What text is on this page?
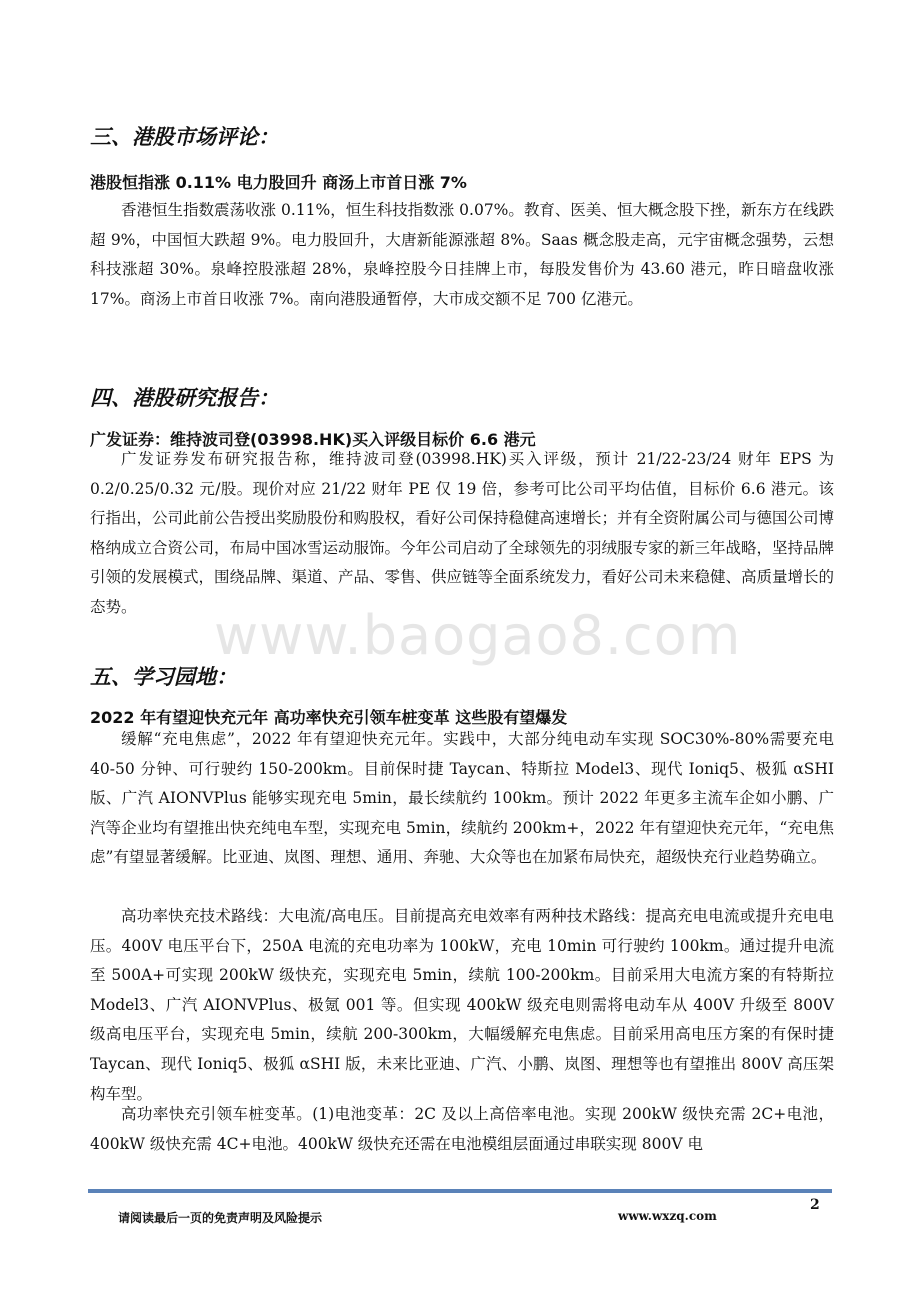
www.baogao8.com
三、港股市场评论：
港股恒指涨 0.11% 电力股回升 商汤上市首日涨 7%

香港恒生指数震荡收涨 0.11%，恒生科技指数涨 0.07%。教育、医美、恒大概念股下挫，新东方在线跌超 9%，中国恒大跌超 9%。电力股回升，大唐新能源涨超 8%。Saas 概念股走高，元宇宙概念强势，云想科技涨超 30%。泉峰控股涨超 28%，泉峰控股今日挂牌上市，每股发售价为 43.60 港元，昨日暗盘收涨 17%。商汤上市首日收涨 7%。南向港股通暂停，大市成交额不足 700 亿港元。

四、港股研究报告：
广发证券：维持波司登(03998.HK)买入评级目标价 6.6 港元

广发证券发布研究报告称，维持波司登(03998.HK)买入评级，预计 21/22-23/24 财年 EPS 为 0.2/0.25/0.32 元/股。现价对应 21/22 财年 PE 仅 19 倍，参考可比公司平均估值，目标价 6.6 港元。该行指出，公司此前公告授出奖励股份和购股权，看好公司保持稳健高速增长；并有全资附属公司与德国公司博格纳成立合资公司，布局中国冰雪运动服饰。今年公司启动了全球领先的羽绒服专家的新三年战略，坚持品牌引领的发展模式，围绕品牌、渠道、产品、零售、供应链等全面系统发力，看好公司未来稳健、高质量增长的态势。

五、学习园地：
2022 年有望迎快充元年 高功率快充引领车桩变革 这些股有望爆发

缓解“充电焦虑”，2022 年有望迎快充元年。实践中，大部分纯电动车实现 SOC30%-80%需要充电 40-50 分钟、可行驶约 150-200km。目前保时捷 Taycan、特斯拉 Model3、现代 Ioniq5、极狐 αSHI 版、广汽 AIONVPlus 能够实现充电 5min，最长续航约 100km。预计 2022 年更多主流车企如小鹏、广汽等企业均有望推出快充纯电车型，实现充电 5min，续航约 200km+，2022 年有望迎快充元年，“充电焦虑”有望显著缓解。比亚迪、岚图、理想、通用、奔驰、大众等也在加紧布局快充，超级快充行业趋势确立。

高功率快充技术路线：大电流/高电压。目前提高充电效率有两种技术路线：提高充电电流或提升充电电压。400V 电压平台下，250A 电流的充电功率为 100kW，充电 10min 可行驶约 100km。通过提升电流至 500A+可实现 200kW 级快充，实现充电 5min，续航 100-200km。目前采用大电流方案的有特斯拉 Model3、广汽 AIONVPlus、极氪 001 等。但实现 400kW 级充电则需将电动车从 400V 升级至 800V 级高电压平台，实现充电 5min，续航 200-300km，大幅缓解充电焦虑。目前采用高电压方案的有保时捷 Taycan、现代 Ioniq5、极狐 αSHI 版，未来比亚迪、广汽、小鹏、岚图、理想等也有望推出 800V 高压架构车型。

高功率快充引领车桩变革。(1)电池变革：2C 及以上高倍率电池。实现 200kW 级快充需 2C+电池，400kW 级快充需 4C+电池。400kW 级快充还需在电池模组层面通过串联实现 800V 电

2
请阅读最后一页的免责声明及风险提示	www.wxzq.com
